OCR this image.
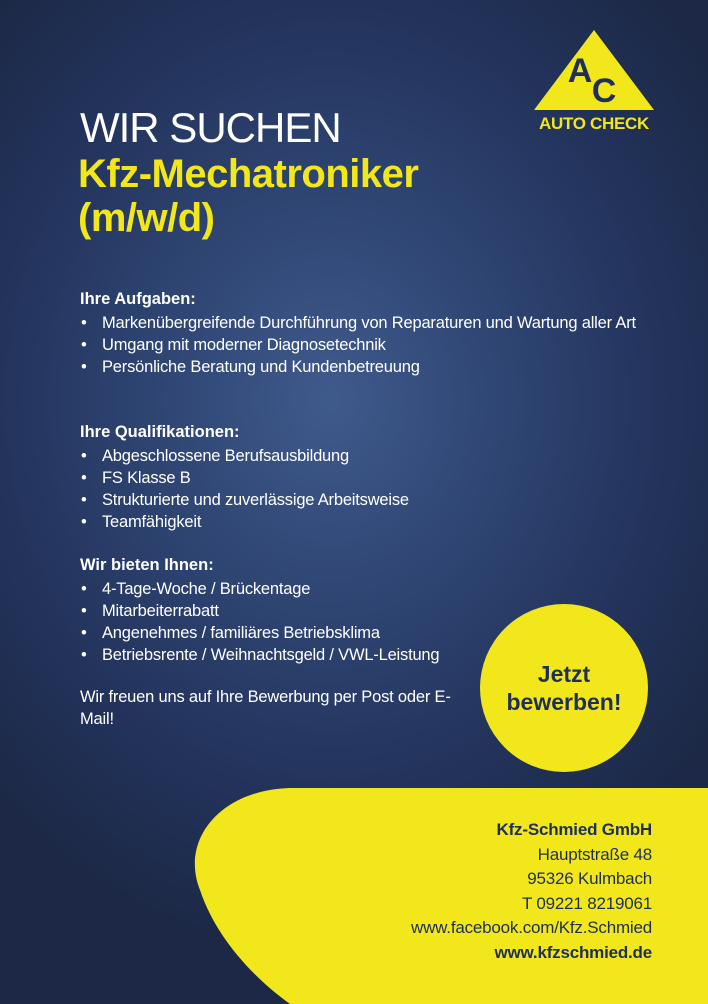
A
C
AUTO CHECK
WIR SUCHEN
Kfz-Mechatroniker (m/w/d)
Ihre Aufgaben:
• Markenübergreifende Durchführung von Reparaturen und Wartung aller Art
• Umgang mit moderner Diagnosetechnik
• Persönliche Beratung und Kundenbetreuung
Ihre Qualifikationen:
• Abgeschlossene Berufsausbildung
• FS Klasse B
• Strukturierte und zuverlässige Arbeitsweise
• Teamfähigkeit
Wir bieten Ihnen:
• 4-Tage-Woche / Brückentage
• Mitarbeiterrabatt
• Angenehmes / familiäres Betriebsklima
• Betriebsrente / Weihnachtsgeld / VWL-Leistung
Wir freuen uns auf Ihre Bewerbung per Post oder E-Mail!
Jetzt
bewerben!
Kfz-Schmied GmbH
Hauptstraße 48
95326 Kulmbach
T 09221 8219061
www.facebook.com/Kfz.Schmied
www.kfzschmied.de
